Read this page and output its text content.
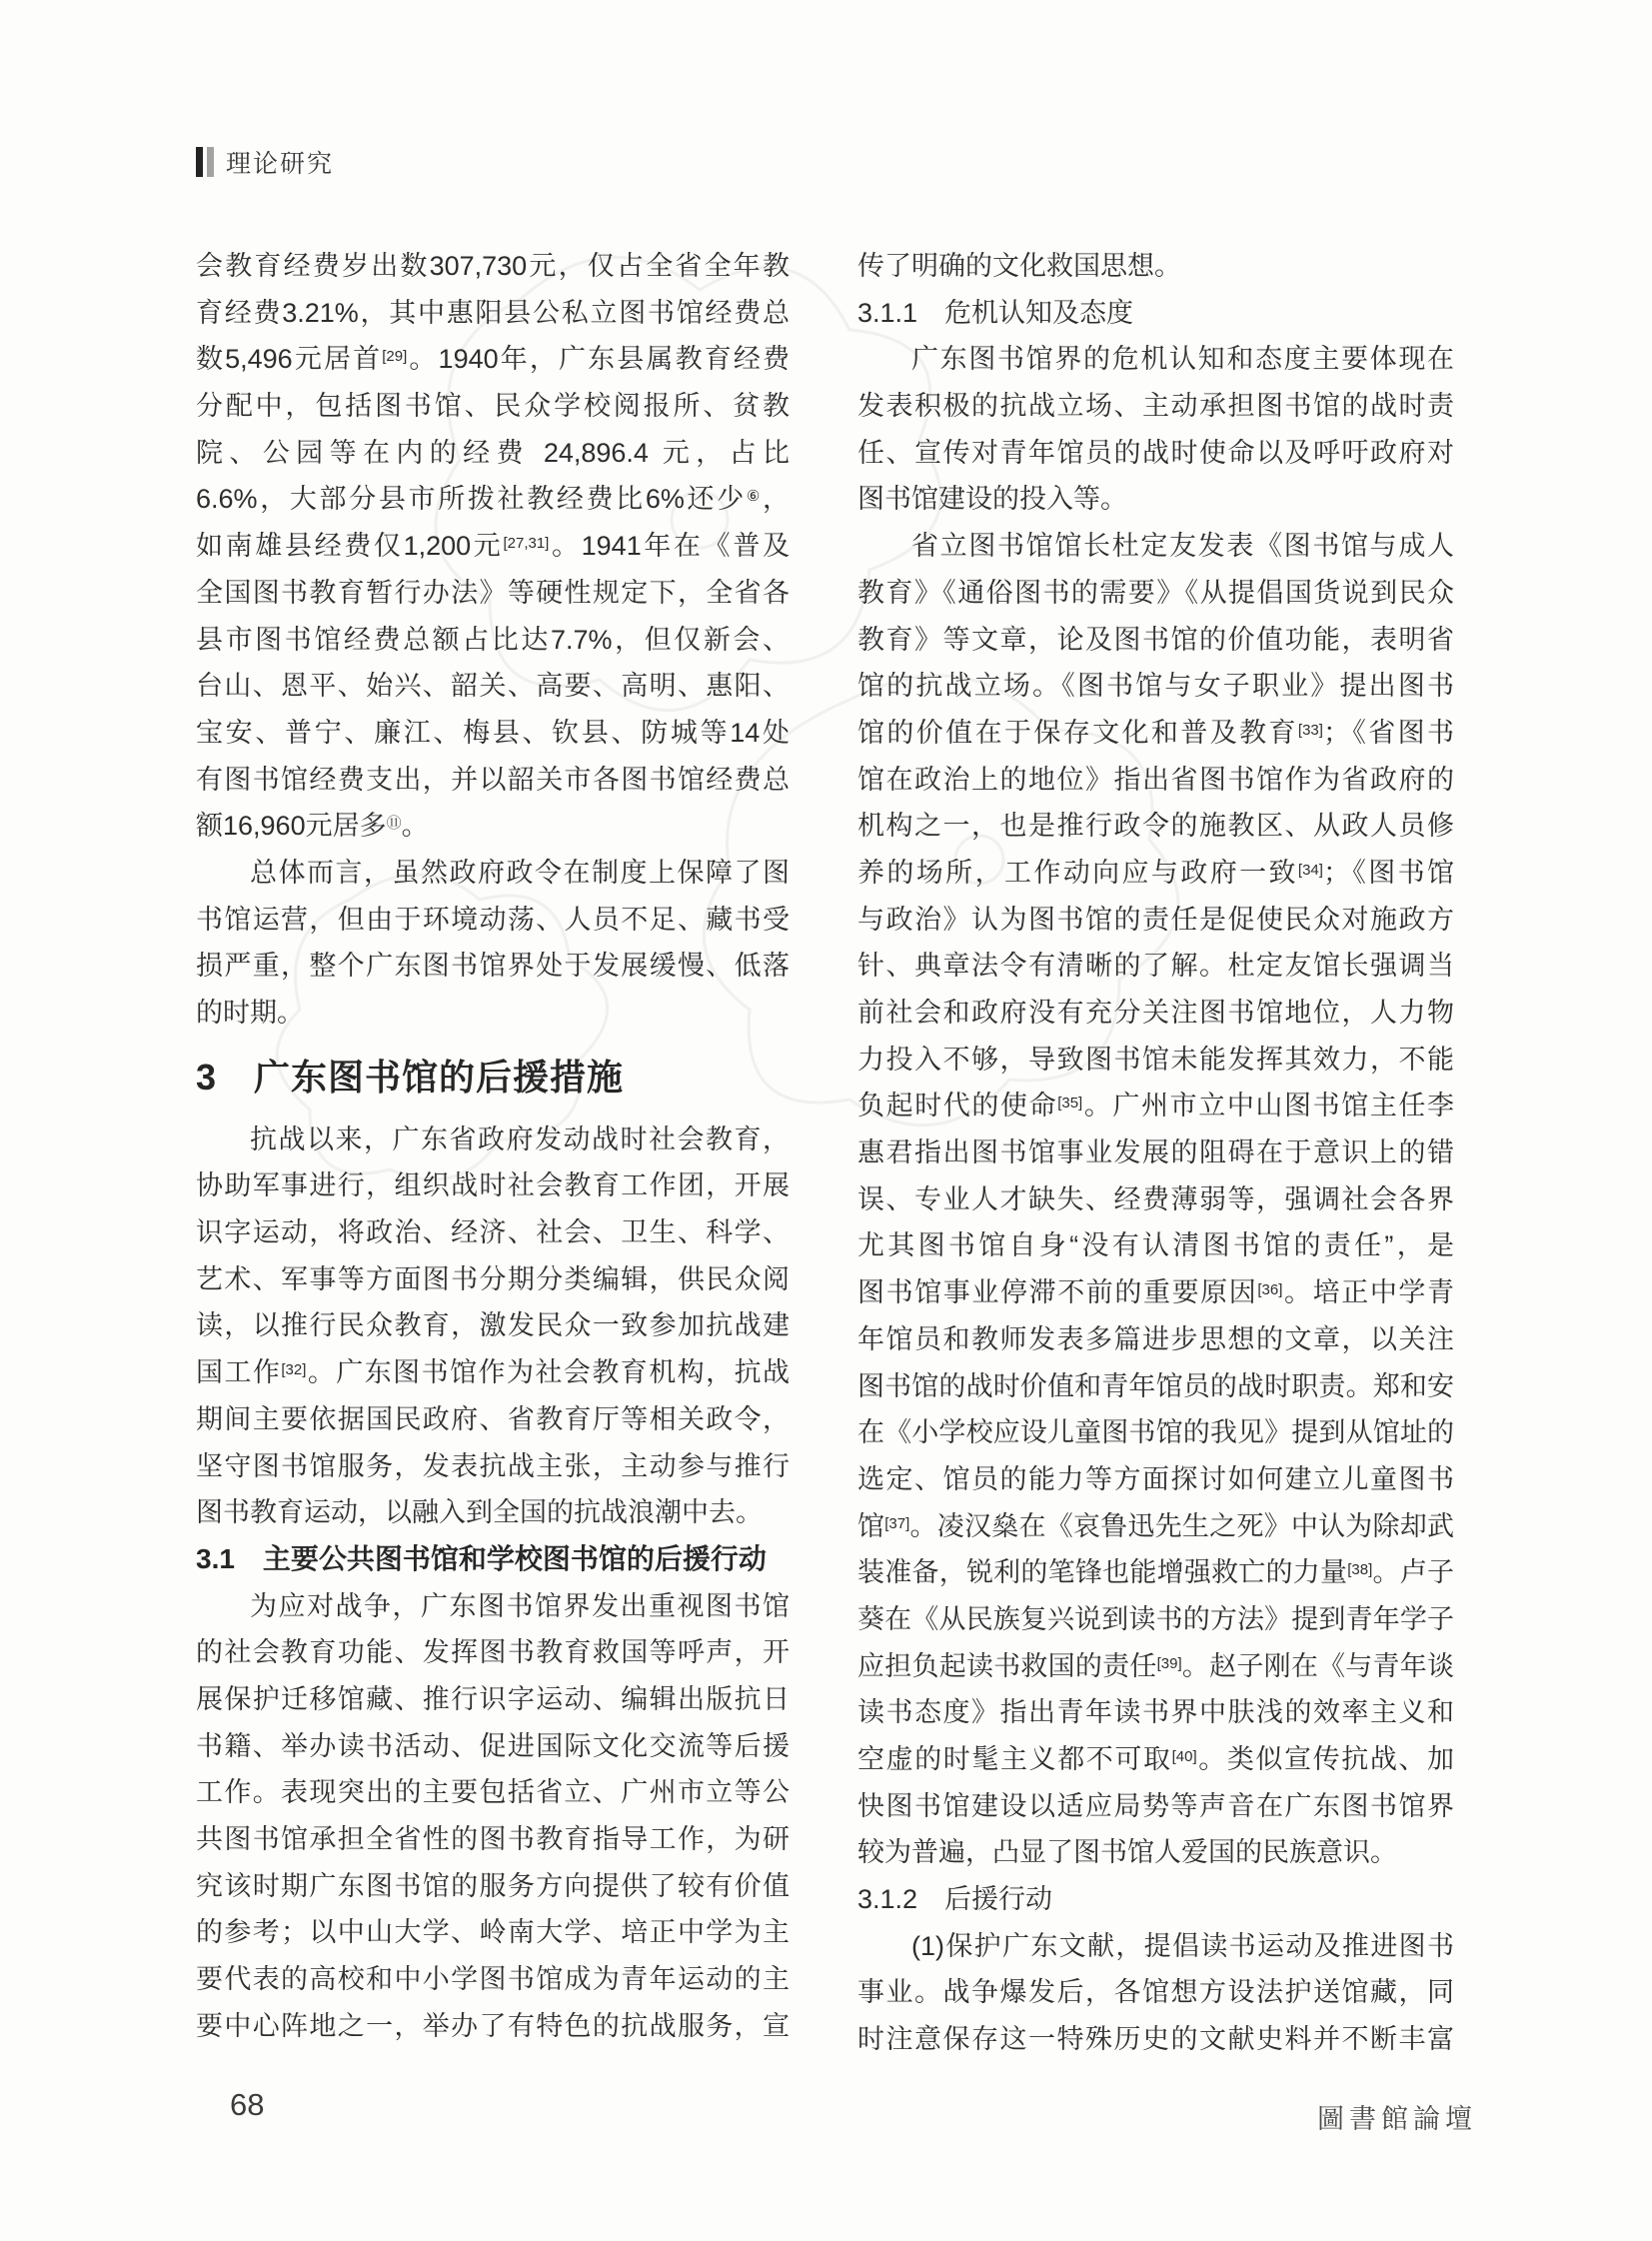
理论研究
会教育经费岁出数307,730元，仅占全省全年教
育经费3.21%，其中惠阳县公私立图书馆经费总
数5,496元居首[29]。1940年，广东县属教育经费
分配中，包括图书馆、民众学校阅报所、贫教
院、公园等在内的经费 24,896.4 元，占比
6.6%，大部分县市所拨社教经费比6%还少⑥，
如南雄县经费仅1,200元[27,31]。1941年在《普及
全国图书教育暂行办法》等硬性规定下，全省各
县市图书馆经费总额占比达7.7%，但仅新会、
台山、恩平、始兴、韶关、高要、高明、惠阳、
宝安、普宁、廉江、梅县、钦县、防城等14处
有图书馆经费支出，并以韶关市各图书馆经费总
额16,960元居多⑪。
总体而言，虽然政府政令在制度上保障了图
书馆运营，但由于环境动荡、人员不足、藏书受
损严重，整个广东图书馆界处于发展缓慢、低落
的时期。
3　广东图书馆的后援措施
抗战以来，广东省政府发动战时社会教育，
协助军事进行，组织战时社会教育工作团，开展
识字运动，将政治、经济、社会、卫生、科学、
艺术、军事等方面图书分期分类编辑，供民众阅
读，以推行民众教育，激发民众一致参加抗战建
国工作[32]。广东图书馆作为社会教育机构，抗战
期间主要依据国民政府、省教育厅等相关政令，
坚守图书馆服务，发表抗战主张，主动参与推行
图书教育运动，以融入到全国的抗战浪潮中去。
3.1　主要公共图书馆和学校图书馆的后援行动
为应对战争，广东图书馆界发出重视图书馆
的社会教育功能、发挥图书教育救国等呼声，开
展保护迁移馆藏、推行识字运动、编辑出版抗日
书籍、举办读书活动、促进国际文化交流等后援
工作。表现突出的主要包括省立、广州市立等公
共图书馆承担全省性的图书教育指导工作，为研
究该时期广东图书馆的服务方向提供了较有价值
的参考；以中山大学、岭南大学、培正中学为主
要代表的高校和中小学图书馆成为青年运动的主
要中心阵地之一，举办了有特色的抗战服务，宣
传了明确的文化救国思想。
3.1.1　危机认知及态度
广东图书馆界的危机认知和态度主要体现在
发表积极的抗战立场、主动承担图书馆的战时责
任、宣传对青年馆员的战时使命以及呼吁政府对
图书馆建设的投入等。
省立图书馆馆长杜定友发表《图书馆与成人
教育》《通俗图书的需要》《从提倡国货说到民众
教育》等文章，论及图书馆的价值功能，表明省
馆的抗战立场。《图书馆与女子职业》提出图书
馆的价值在于保存文化和普及教育[33]；《省图书
馆在政治上的地位》指出省图书馆作为省政府的
机构之一，也是推行政令的施教区、从政人员修
养的场所，工作动向应与政府一致[34]；《图书馆
与政治》认为图书馆的责任是促使民众对施政方
针、典章法令有清晰的了解。杜定友馆长强调当
前社会和政府没有充分关注图书馆地位，人力物
力投入不够，导致图书馆未能发挥其效力，不能
负起时代的使命[35]。广州市立中山图书馆主任李
惠君指出图书馆事业发展的阻碍在于意识上的错
误、专业人才缺失、经费薄弱等，强调社会各界
尤其图书馆自身“没有认清图书馆的责任”，是
图书馆事业停滞不前的重要原因[36]。培正中学青
年馆员和教师发表多篇进步思想的文章，以关注
图书馆的战时价值和青年馆员的战时职责。郑和安
在《小学校应设儿童图书馆的我见》提到从馆址的
选定、馆员的能力等方面探讨如何建立儿童图书
馆[37]。凌汉燊在《哀鲁迅先生之死》中认为除却武
装准备，锐利的笔锋也能增强救亡的力量[38]。卢子
葵在《从民族复兴说到读书的方法》提到青年学子
应担负起读书救国的责任[39]。赵子刚在《与青年谈
读书态度》指出青年读书界中肤浅的效率主义和
空虚的时髦主义都不可取[40]。类似宣传抗战、加
快图书馆建设以适应局势等声音在广东图书馆界
较为普遍，凸显了图书馆人爱国的民族意识。
3.1.2　后援行动
(1)保护广东文献，提倡读书运动及推进图书
事业。战争爆发后，各馆想方设法护送馆藏，同
时注意保存这一特殊历史的文献史料并不断丰富
68	圖書館論壇
